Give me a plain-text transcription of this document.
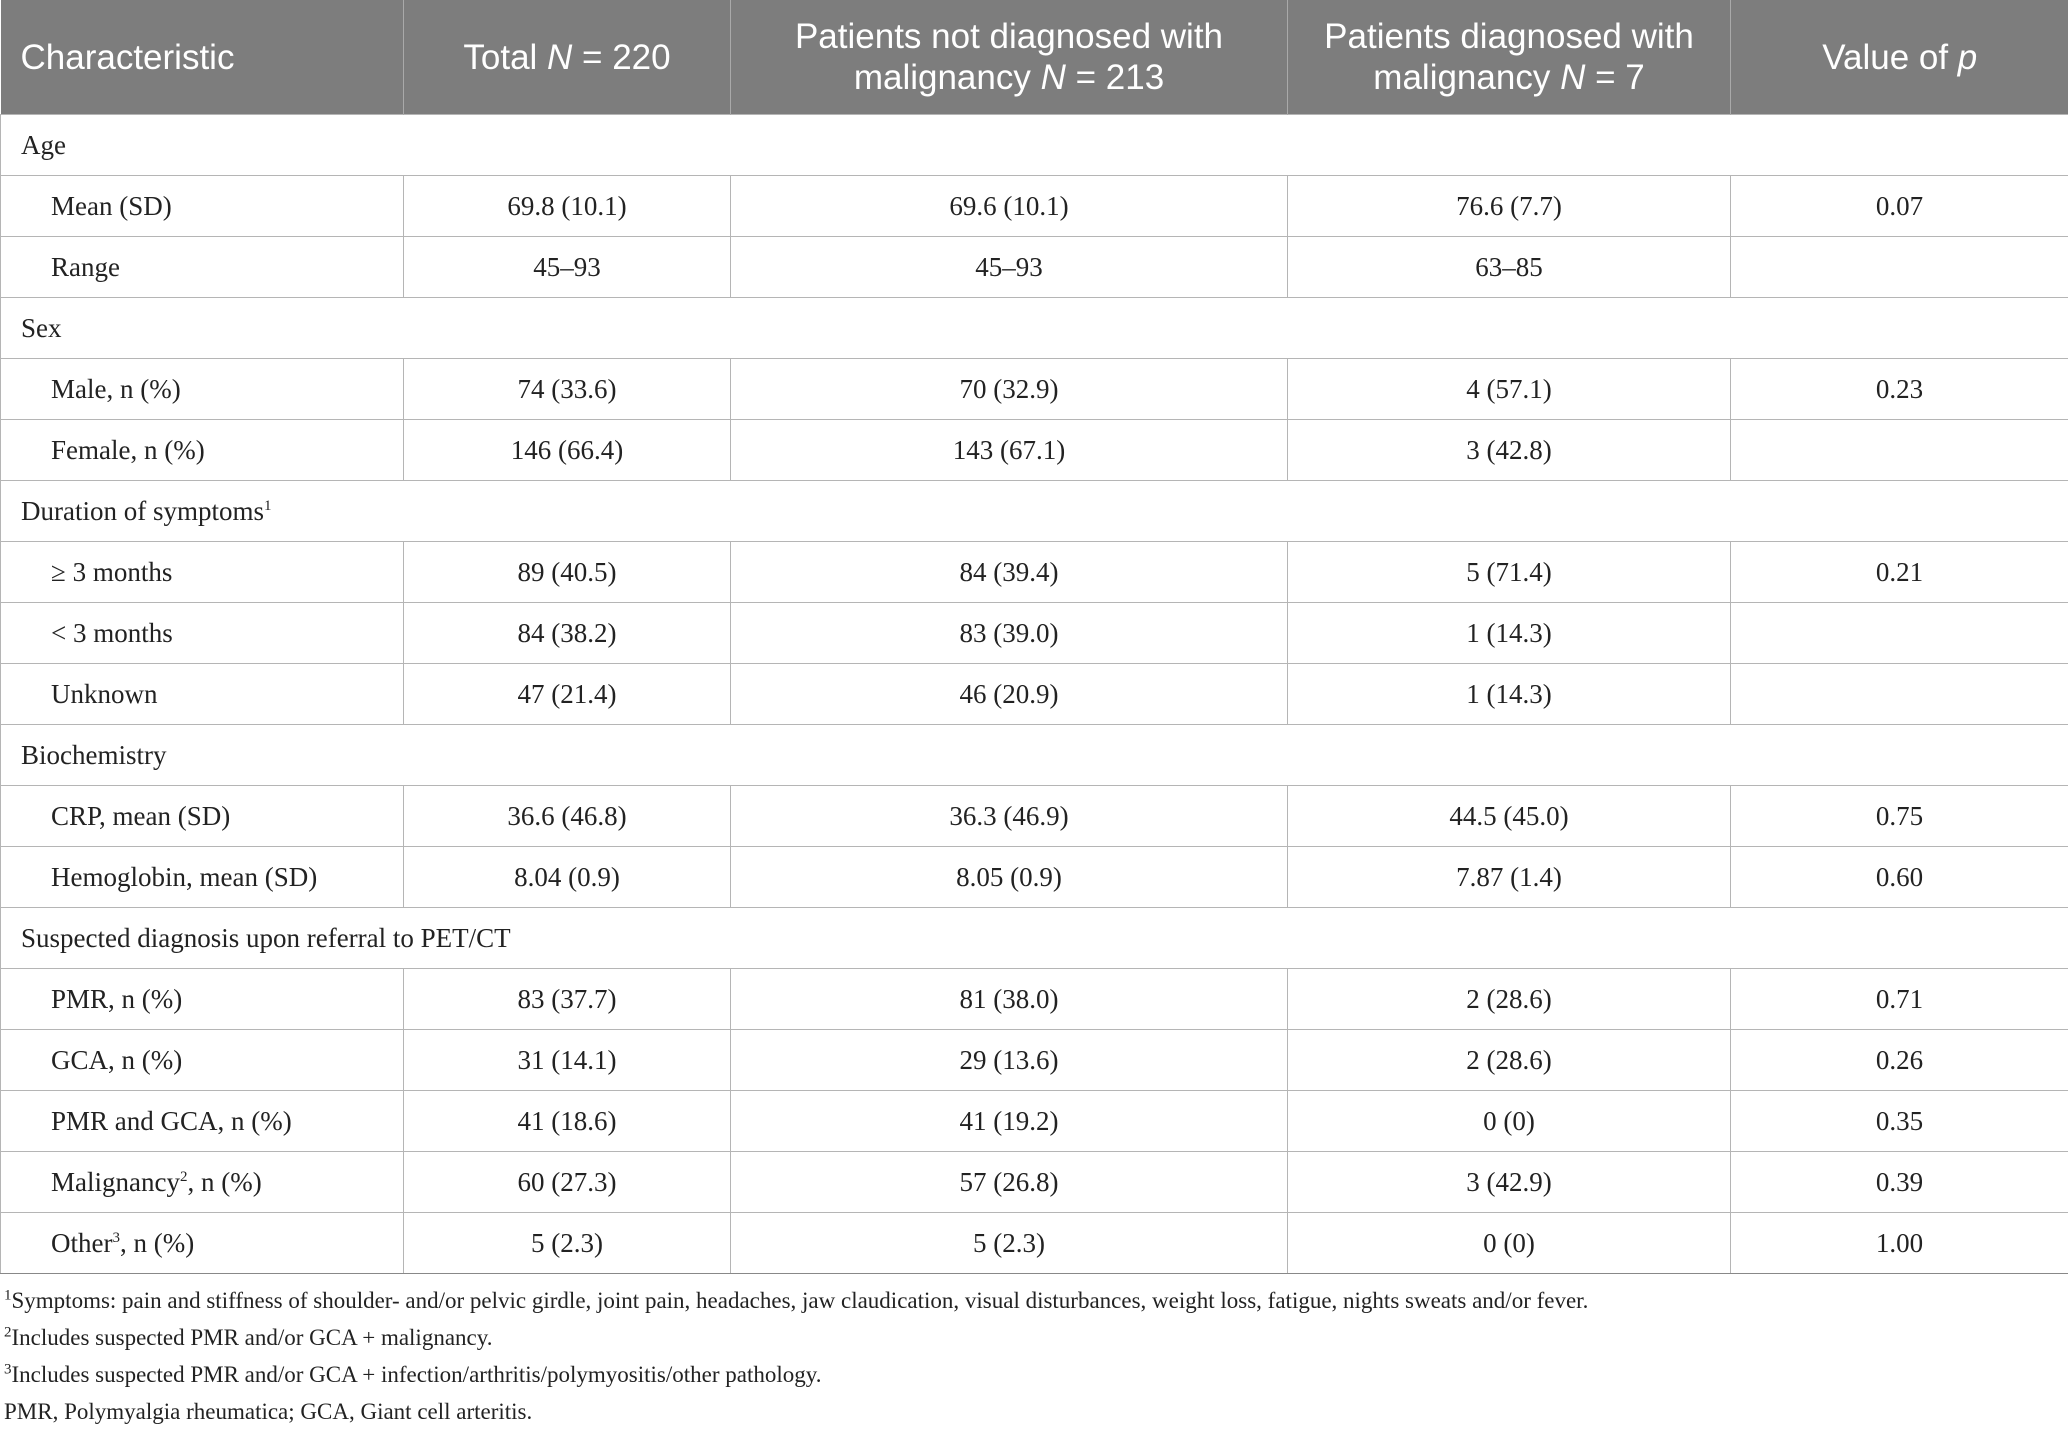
Characteristic	Total N = 220	Patients not diagnosed with malignancy N = 213	Patients diagnosed with malignancy N = 7	Value of p
Age				
Mean (SD)	69.8 (10.1)	69.6 (10.1)	76.6 (7.7)	0.07
Range	45–93	45–93	63–85	
Sex				
Male, n (%)	74 (33.6)	70 (32.9)	4 (57.1)	0.23
Female, n (%)	146 (66.4)	143 (67.1)	3 (42.8)	
Duration of symptoms$^1$
≥ 3 months	89 (40.5)	84 (39.4)	5 (71.4)	0.21
< 3 months	84 (38.2)	83 (39.0)	1 (14.3)	
Unknown	47 (21.4)	46 (20.9)	1 (14.3)	
Biochemistry				
CRP, mean (SD)	36.6 (46.8)	36.3 (46.9)	44.5 (45.0)	0.75
Hemoglobin, mean (SD)	8.04 (0.9)	8.05 (0.9)	7.87 (1.4)	0.60
Suspected diagnosis upon referral to PET/CT				
PMR, n (%)	83 (37.7)	81 (38.0)	2 (28.6)	0.71
GCA, n (%)	31 (14.1)	29 (13.6)	2 (28.6)	0.26
PMR and GCA, n (%)	41 (18.6)	41 (19.2)	0 (0)	0.35
Malignancy$^2$, n (%)	60 (27.3)	57 (26.8)	3 (42.9)	0.39
Other$^3$, n (%)	5 (2.3)	5 (2.3)	0 (0)	1.00
$^1$Symptoms: pain and stiffness of shoulder- and/or pelvic girdle, joint pain, headaches, jaw claudication, visual disturbances, weight loss, fatigue, nights sweats and/or fever.
$^2$Includes suspected PMR and/or GCA + malignancy.
$^3$Includes suspected PMR and/or GCA + infection/arthritis/polymyositis/other pathology.
PMR, Polymyalgia rheumatica; GCA, Giant cell arteritis.
